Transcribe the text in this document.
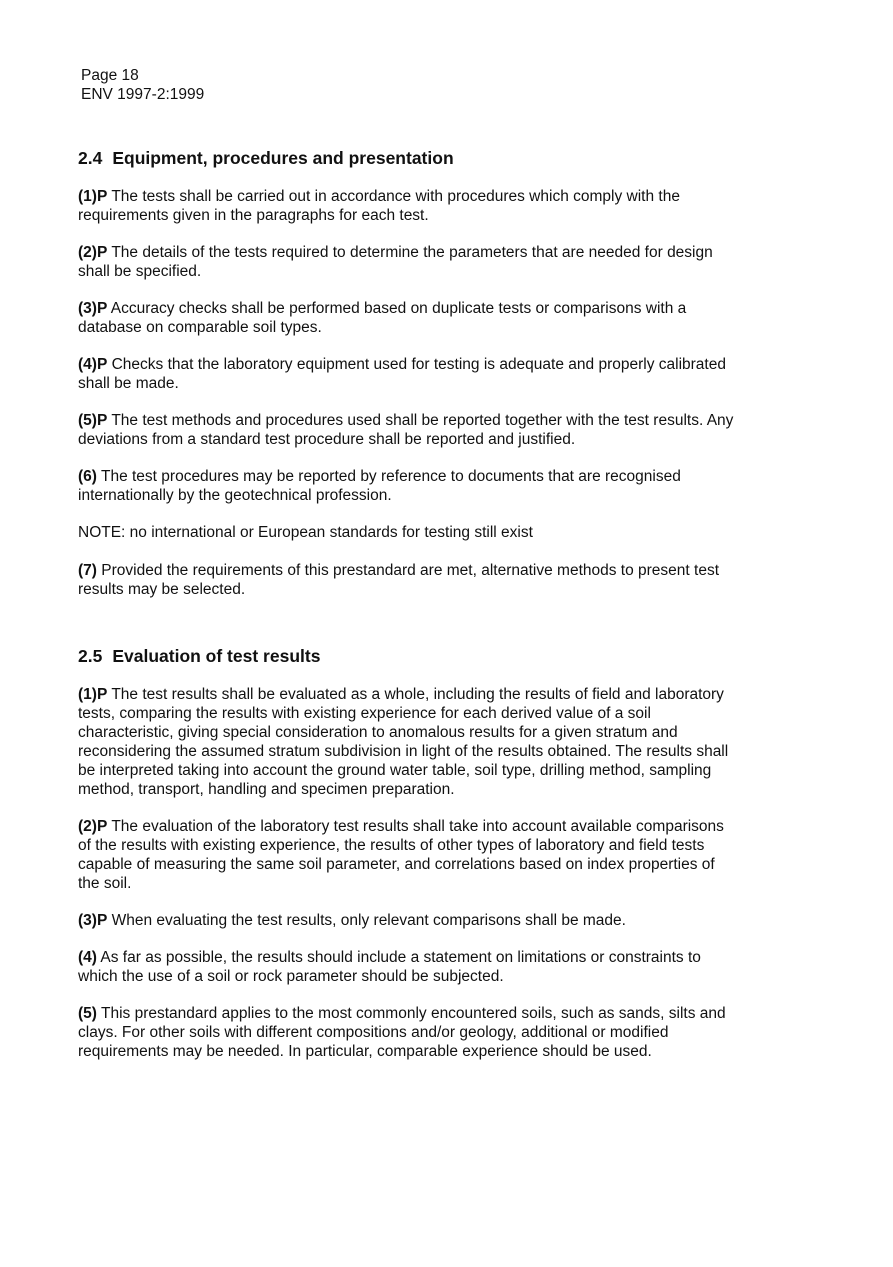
Page 18
ENV 1997-2:1999
2.4 Equipment, procedures and presentation

(1)P The tests shall be carried out in accordance with procedures which comply with the requirements given in the paragraphs for each test.

(2)P The details of the tests required to determine the parameters that are needed for design shall be specified.

(3)P Accuracy checks shall be performed based on duplicate tests or comparisons with a database on comparable soil types.

(4)P Checks that the laboratory equipment used for testing is adequate and properly calibrated shall be made.

(5)P The test methods and procedures used shall be reported together with the test results. Any deviations from a standard test procedure shall be reported and justified.

(6) The test procedures may be reported by reference to documents that are recognised internationally by the geotechnical profession.

NOTE: no international or European standards for testing still exist

(7) Provided the requirements of this prestandard are met, alternative methods to present test results may be selected.

2.5 Evaluation of test results

(1)P The test results shall be evaluated as a whole, including the results of field and laboratory tests, comparing the results with existing experience for each derived value of a soil characteristic, giving special consideration to anomalous results for a given stratum and reconsidering the assumed stratum subdivision in light of the results obtained. The results shall be interpreted taking into account the ground water table, soil type, drilling method, sampling method, transport, handling and specimen preparation.

(2)P The evaluation of the laboratory test results shall take into account available comparisons of the results with existing experience, the results of other types of laboratory and field tests capable of measuring the same soil parameter, and correlations based on index properties of the soil.

(3)P When evaluating the test results, only relevant comparisons shall be made.

(4) As far as possible, the results should include a statement on limitations or constraints to which the use of a soil or rock parameter should be subjected.

(5) This prestandard applies to the most commonly encountered soils, such as sands, silts and clays. For other soils with different compositions and/or geology, additional or modified requirements may be needed. In particular, comparable experience should be used.
